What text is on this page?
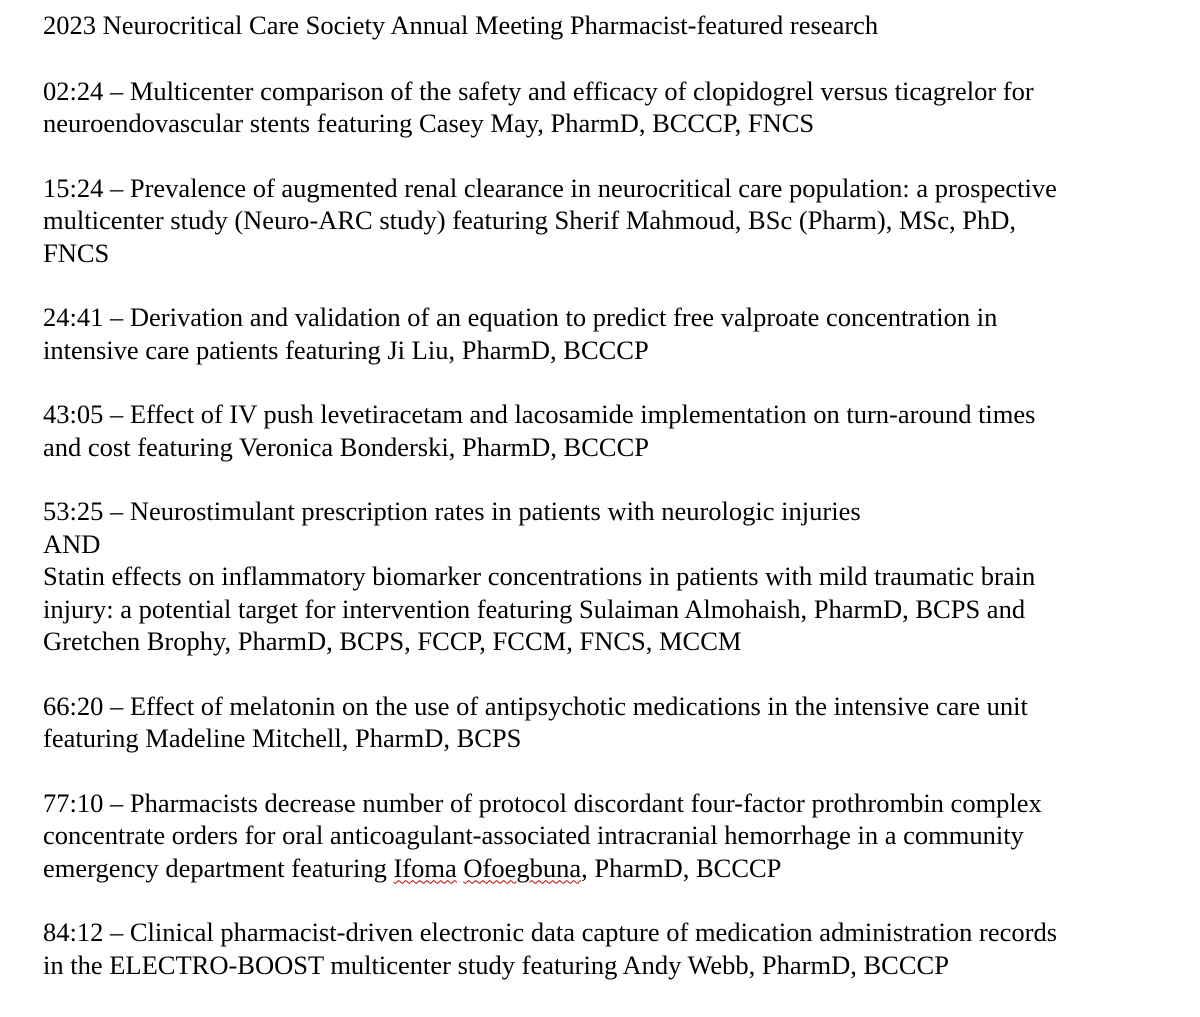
2023 Neurocritical Care Society Annual Meeting Pharmacist-featured research
02:24 – Multicenter comparison of the safety and efficacy of clopidogrel versus ticagrelor for
neuroendovascular stents featuring Casey May, PharmD, BCCCP, FNCS
15:24 – Prevalence of augmented renal clearance in neurocritical care population: a prospective
multicenter study (Neuro-ARC study) featuring Sherif Mahmoud, BSc (Pharm), MSc, PhD,
FNCS
24:41 – Derivation and validation of an equation to predict free valproate concentration in
intensive care patients featuring Ji Liu, PharmD, BCCCP
43:05 – Effect of IV push levetiracetam and lacosamide implementation on turn-around times
and cost featuring Veronica Bonderski, PharmD, BCCCP
53:25 – Neurostimulant prescription rates in patients with neurologic injuries
AND
Statin effects on inflammatory biomarker concentrations in patients with mild traumatic brain
injury: a potential target for intervention featuring Sulaiman Almohaish, PharmD, BCPS and
Gretchen Brophy, PharmD, BCPS, FCCP, FCCM, FNCS, MCCM
66:20 – Effect of melatonin on the use of antipsychotic medications in the intensive care unit
featuring Madeline Mitchell, PharmD, BCPS
77:10 – Pharmacists decrease number of protocol discordant four-factor prothrombin complex
concentrate orders for oral anticoagulant-associated intracranial hemorrhage in a community
emergency department featuring Ifoma Ofoegbuna, PharmD, BCCCP
84:12 – Clinical pharmacist-driven electronic data capture of medication administration records
in the ELECTRO-BOOST multicenter study featuring Andy Webb, PharmD, BCCCP
